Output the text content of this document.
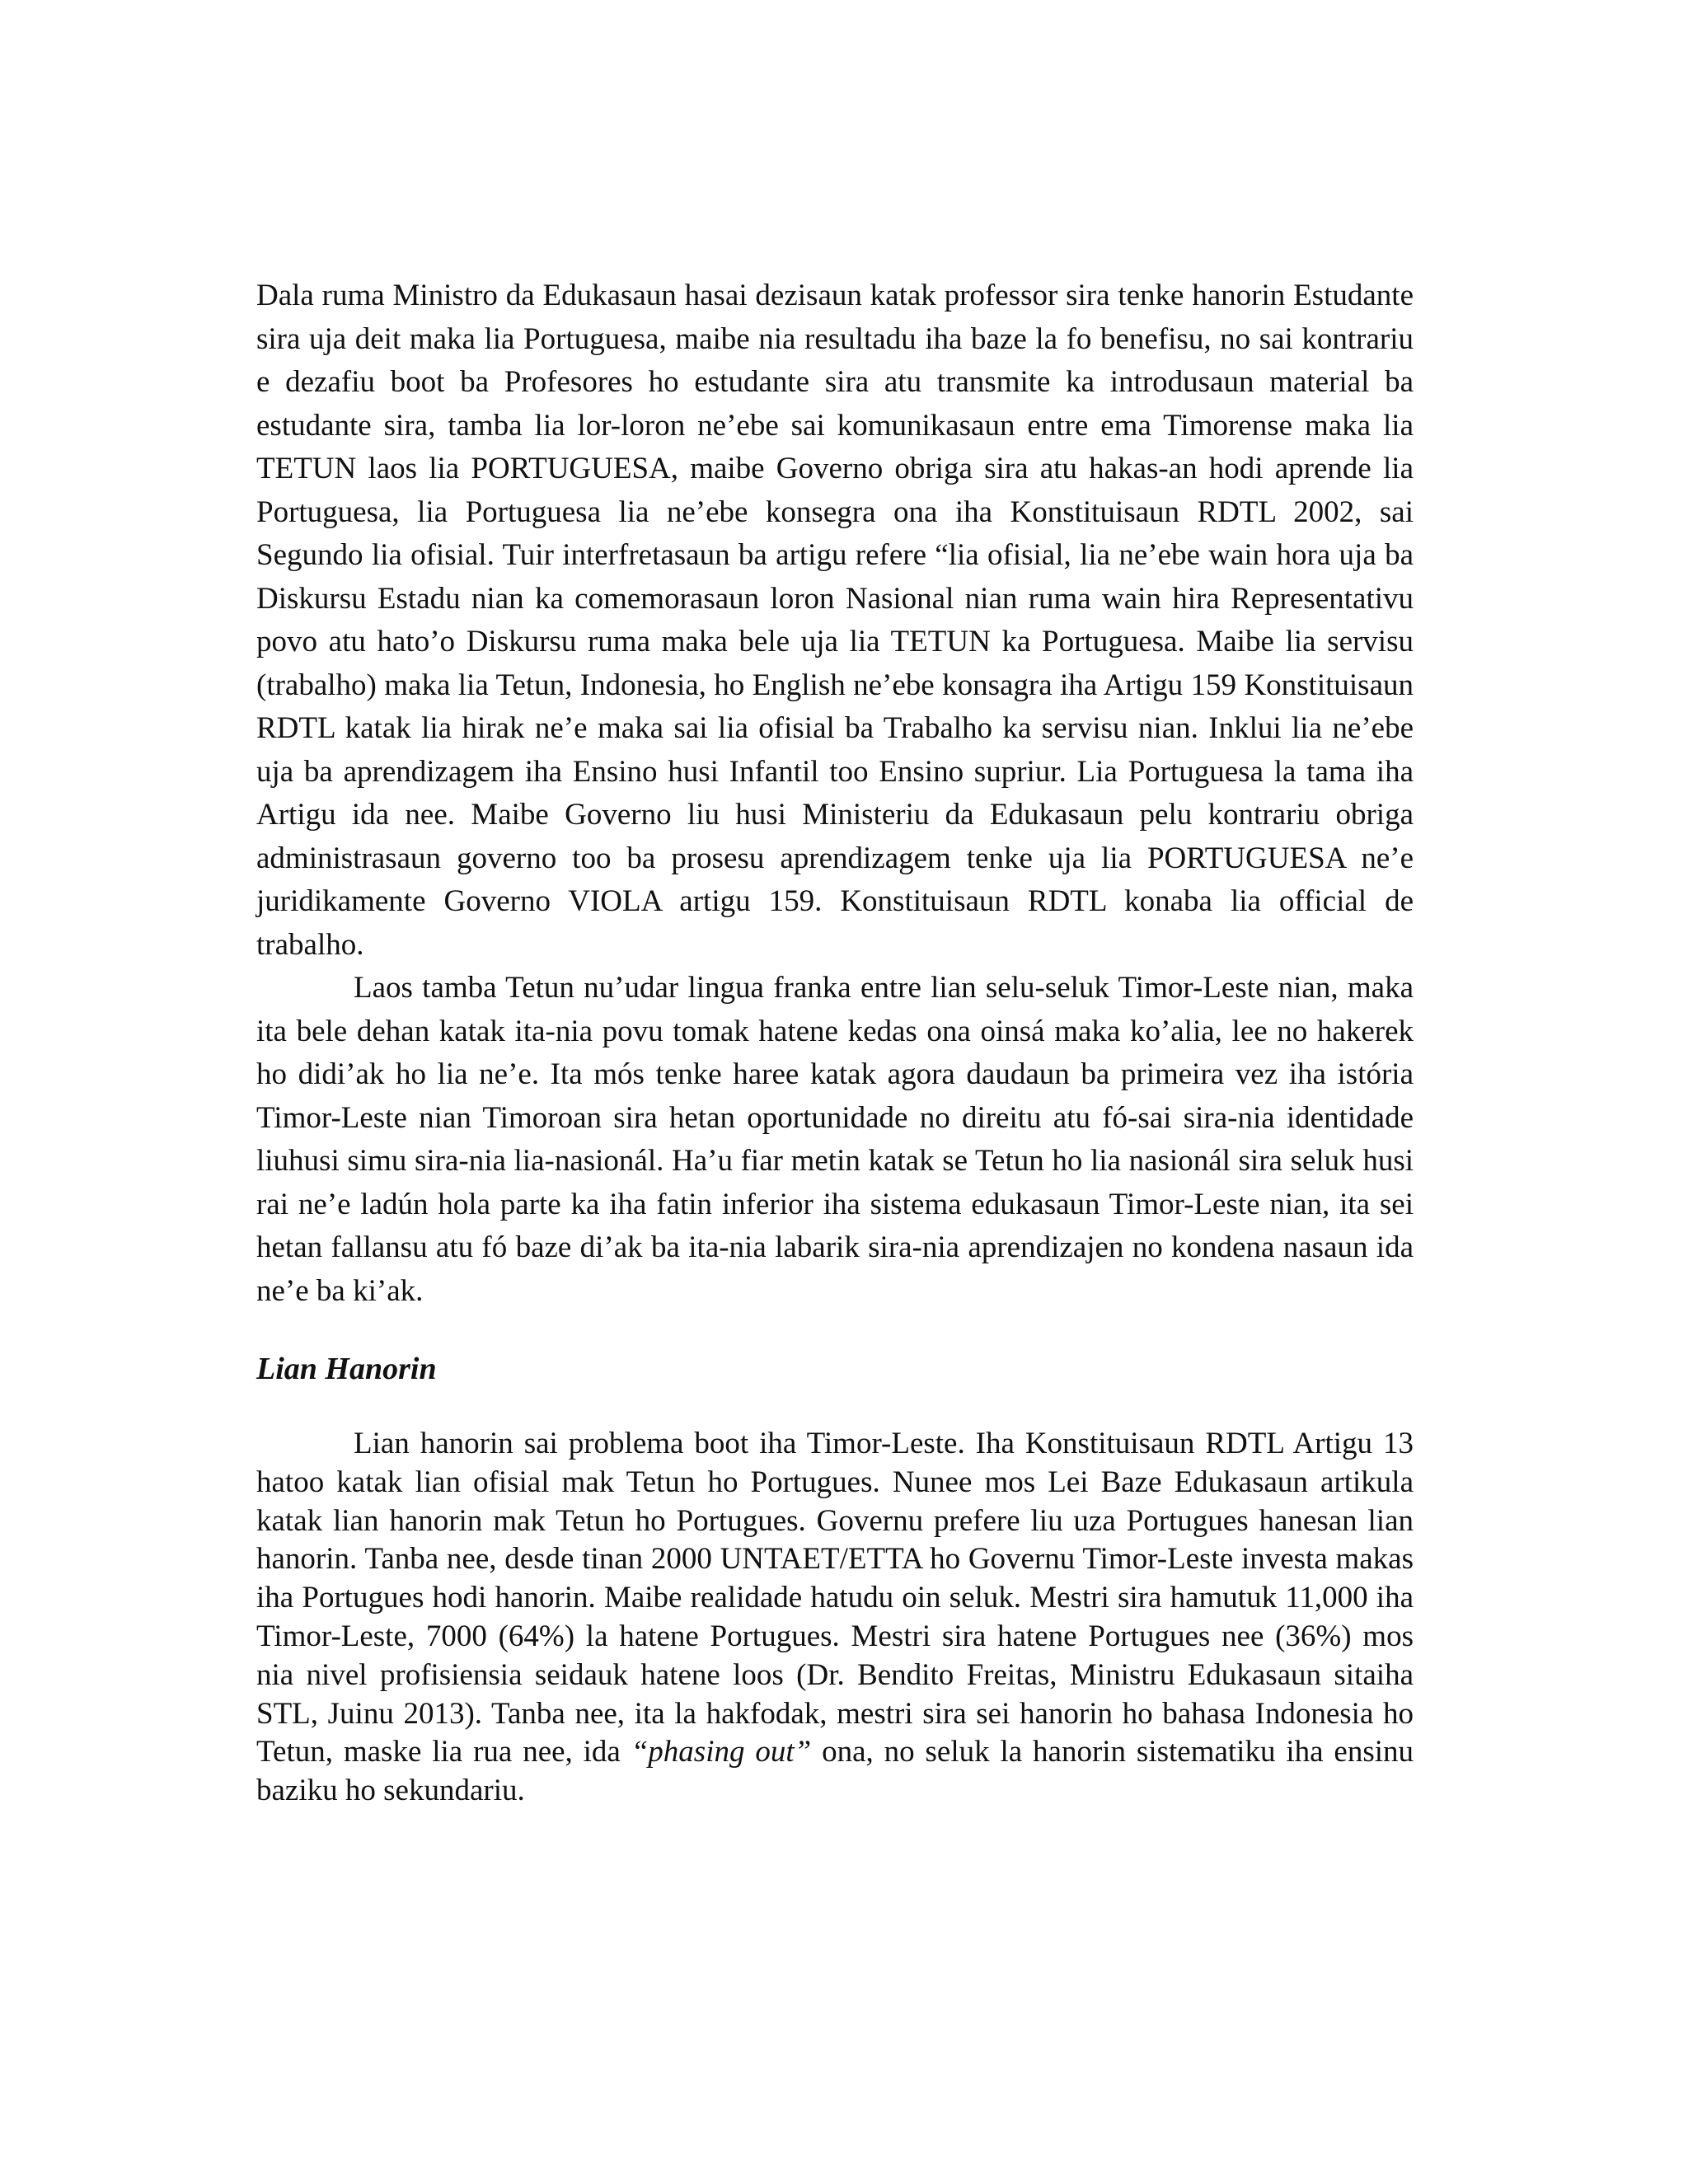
Dala ruma Ministro da Edukasaun hasai dezisaun katak professor sira tenke hanorin Estudante sira uja deit maka lia Portuguesa, maibe nia resultadu iha baze la fo benefisu, no sai kontrariu e dezafiu boot ba Profesores ho estudante sira atu transmite ka introdusaun material ba estudante sira, tamba lia lor-loron ne’ebe sai komunikasaun entre ema Timorense maka lia TETUN laos lia PORTUGUESA, maibe Governo obriga sira atu hakas-an hodi aprende lia Portuguesa, lia Portuguesa lia ne’ebe konsegra ona iha Konstituisaun RDTL 2002, sai Segundo lia ofisial. Tuir interfretasaun ba artigu refere “lia ofisial, lia ne’ebe wain hora uja ba Diskursu Estadu nian ka comemorasaun loron Nasional nian ruma wain hira Representativu povo atu hato’o Diskursu ruma maka bele uja lia TETUN ka Portuguesa. Maibe lia servisu (trabalho) maka lia Tetun, Indonesia, ho English ne’ebe konsagra iha Artigu 159 Konstituisaun RDTL katak lia hirak ne’e maka sai lia ofisial ba Trabalho ka servisu nian. Inklui lia ne’ebe uja ba aprendizagem iha Ensino husi Infantil too Ensino supriur. Lia Portuguesa la tama iha Artigu ida nee. Maibe Governo liu husi Ministeriu da Edukasaun pelu kontrariu obriga administrasaun governo too ba prosesu aprendizagem tenke uja lia PORTUGUESA ne’e juridikamente Governo VIOLA artigu 159. Konstituisaun RDTL konaba lia official de trabalho.

Laos tamba Tetun nu’udar lingua franka entre lian selu-seluk Timor-Leste nian, maka ita bele dehan katak ita-nia povu tomak hatene kedas ona oinsá maka ko’alia, lee no hakerek ho didi’ak ho lia ne’e. Ita mós tenke haree katak agora daudaun ba primeira vez iha istória Timor-Leste nian Timoroan sira hetan oportunidade no direitu atu fó-sai sira-nia identidade liuhusi simu sira-nia lia-nasionál. Ha’u fiar metin katak se Tetun ho lia nasionál sira seluk husi rai ne’e ladún hola parte ka iha fatin inferior iha sistema edukasaun Timor-Leste nian, ita sei hetan fallansu atu fó baze di’ak ba ita-nia labarik sira-nia aprendizajen no kondena nasaun ida ne’e ba ki’ak.

Lian Hanorin

Lian hanorin sai problema boot iha Timor-Leste. Iha Konstituisaun RDTL Artigu 13 hatoo katak lian ofisial mak Tetun ho Portugues. Nunee mos Lei Baze Edukasaun artikula katak lian hanorin mak Tetun ho Portugues. Governu prefere liu uza Portugues hanesan lian hanorin. Tanba nee, desde tinan 2000 UNTAET/ETTA ho Governu Timor-Leste investa makas iha Portugues hodi hanorin. Maibe realidade hatudu oin seluk. Mestri sira hamutuk 11,000 iha Timor-Leste, 7000 (64%) la hatene Portugues. Mestri sira hatene Portugues nee (36%) mos nia nivel profisiensia seidauk hatene loos (Dr. Bendito Freitas, Ministru Edukasaun sitaiha STL, Juinu 2013). Tanba nee, ita la hakfodak, mestri sira sei hanorin ho bahasa Indonesia ho Tetun, maske lia rua nee, ida “phasing out” ona, no seluk la hanorin sistematiku iha ensinu baziku ho sekundariu.
